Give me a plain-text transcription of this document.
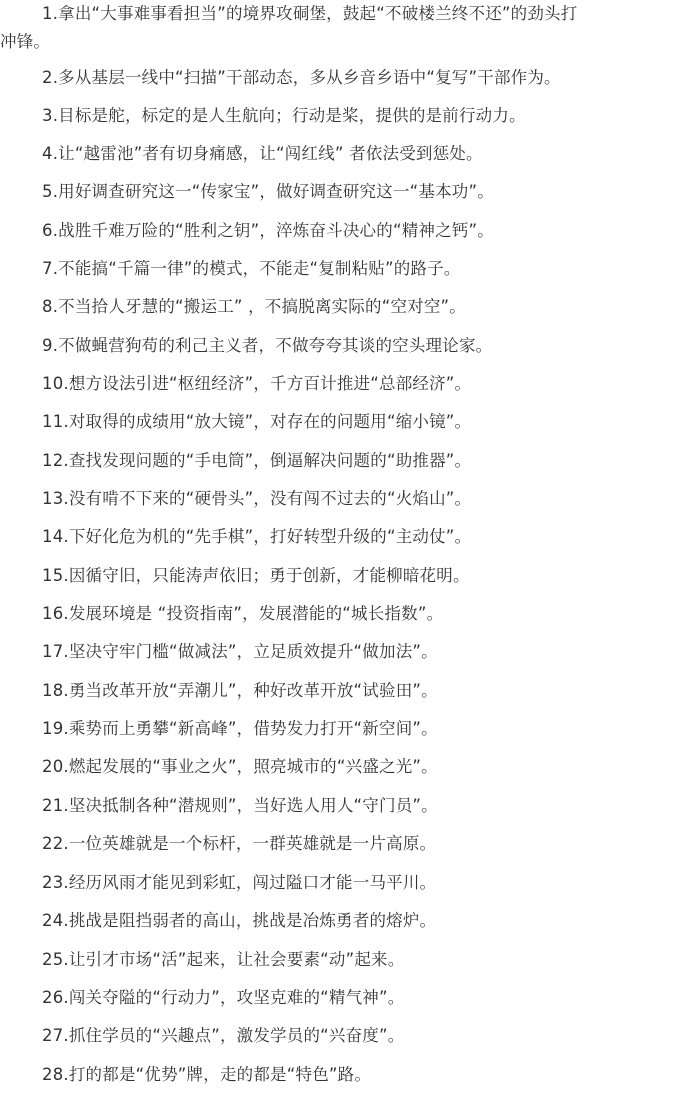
1.拿出“大事难事看担当”的境界攻硐堡，鼓起“不破楼兰终不还”的劲头打
冲锋。
2.多从基层一线中“扫描”干部动态，多从乡音乡语中“复写”干部作为。
3.目标是舵，标定的是人生航向；行动是桨，提供的是前行动力。
4.让“越雷池”者有切身痛感，让“闯红线” 者依法受到惩处。
5.用好调查研究这一“传家宝”，做好调查研究这一“基本功”。
6.战胜千难万险的“胜利之钥”，淬炼奋斗决心的“精神之钙”。
7.不能搞“千篇一律”的模式，不能走“复制粘贴”的路子。
8.不当拾人牙慧的“搬运工” ，不搞脱离实际的“空对空”。
9.不做蝇营狗苟的利己主义者，不做夸夸其谈的空头理论家。
10.想方设法引进“枢纽经济”，千方百计推进“总部经济”。
11.对取得的成绩用“放大镜”，对存在的问题用“缩小镜”。
12.查找发现问题的“手电筒”，倒逼解决问题的“助推器”。
13.没有啃不下来的“硬骨头”，没有闯不过去的“火焰山”。
14.下好化危为机的“先手棋”，打好转型升级的“主动仗”。
15.因循守旧，只能涛声依旧；勇于创新，才能柳暗花明。
16.发展环境是 “投资指南”，发展潜能的“城长指数”。
17.坚决守牢门槛“做减法”，立足质效提升“做加法”。
18.勇当改革开放“弄潮儿”，种好改革开放“试验田”。
19.乘势而上勇攀“新高峰”，借势发力打开“新空间”。
20.燃起发展的“事业之火”，照亮城市的“兴盛之光”。
21.坚决抵制各种“潜规则”，当好选人用人“守门员”。
22.一位英雄就是一个标杆，一群英雄就是一片高原。
23.经历风雨才能见到彩虹，闯过隘口才能一马平川。
24.挑战是阻挡弱者的高山，挑战是冶炼勇者的熔炉。
25.让引才市场“活”起来，让社会要素“动”起来。
26.闯关夺隘的“行动力”，攻坚克难的“精气神”。
27.抓住学员的“兴趣点”，激发学员的“兴奋度”。
28.打的都是“优势”牌，走的都是“特色”路。
